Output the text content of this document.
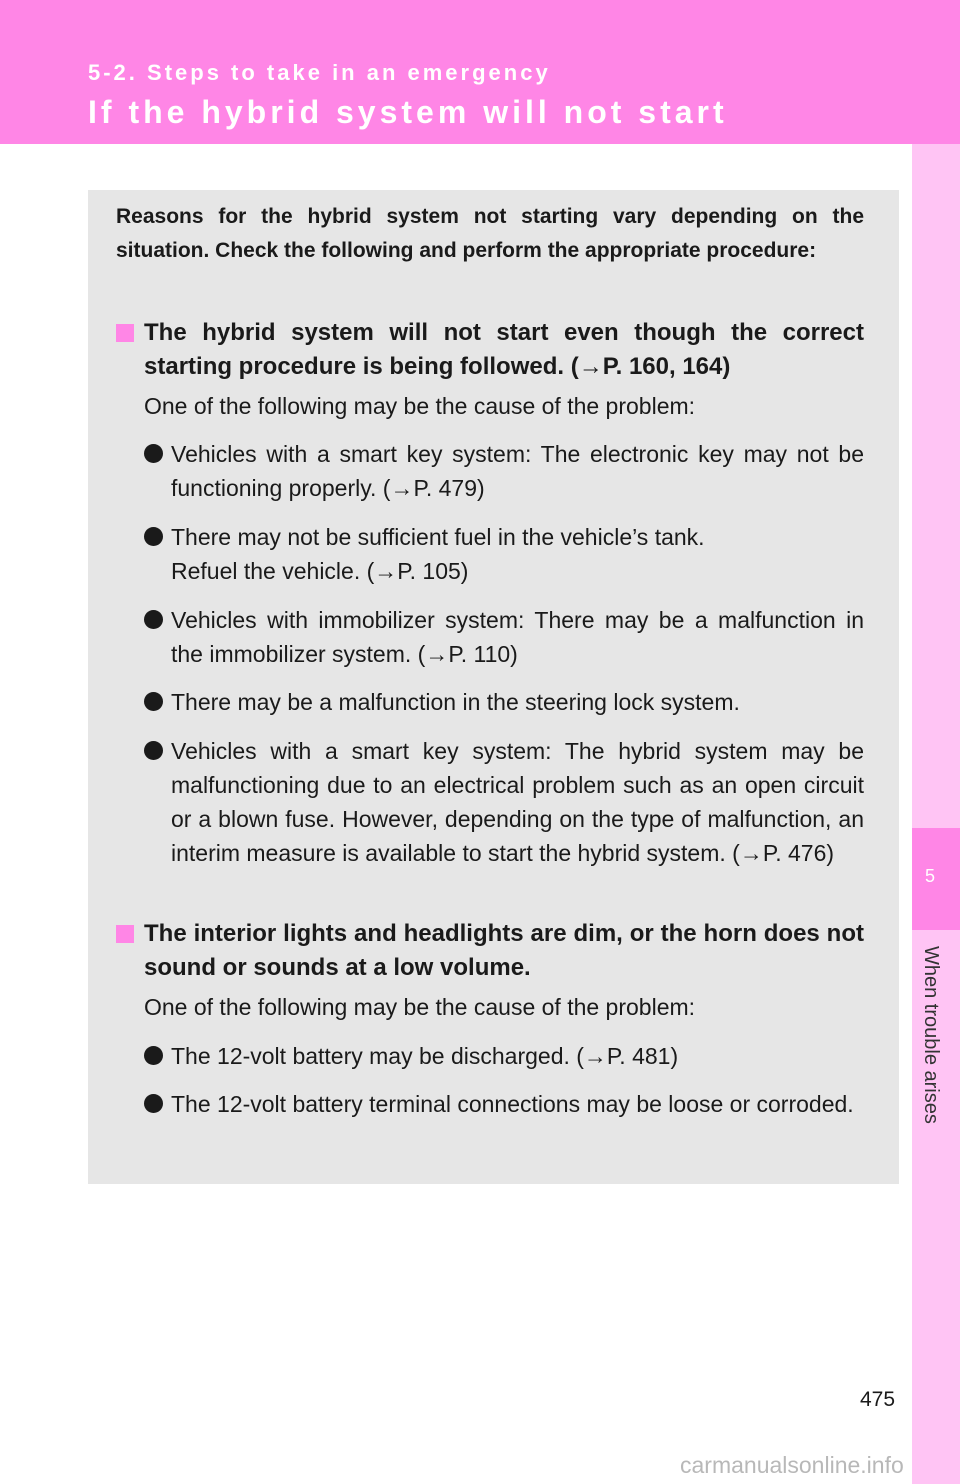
5-2. Steps to take in an emergency
If the hybrid system will not start
5
When trouble arises
Reasons for the hybrid system not starting vary depending on the situation. Check the following and perform the appropriate procedure:
The hybrid system will not start even though the correct starting procedure is being followed. (→P. 160, 164)
One of the following may be the cause of the problem:
Vehicles with a smart key system: The electronic key may not be functioning properly. (→P. 479)
There may not be sufficient fuel in the vehicle’s tank.
Refuel the vehicle. (→P. 105)
Vehicles with immobilizer system: There may be a malfunction in the immobilizer system. (→P. 110)
There may be a malfunction in the steering lock system.
Vehicles with a smart key system: The hybrid system may be malfunctioning due to an electrical problem such as an open circuit or a blown fuse. However, depending on the type of malfunction, an interim measure is available to start the hybrid system. (→P. 476)
The interior lights and headlights are dim, or the horn does not sound or sounds at a low volume.
One of the following may be the cause of the problem:
The 12-volt battery may be discharged. (→P. 481)
The 12-volt battery terminal connections may be loose or corroded.
475
carmanualsonline.info
